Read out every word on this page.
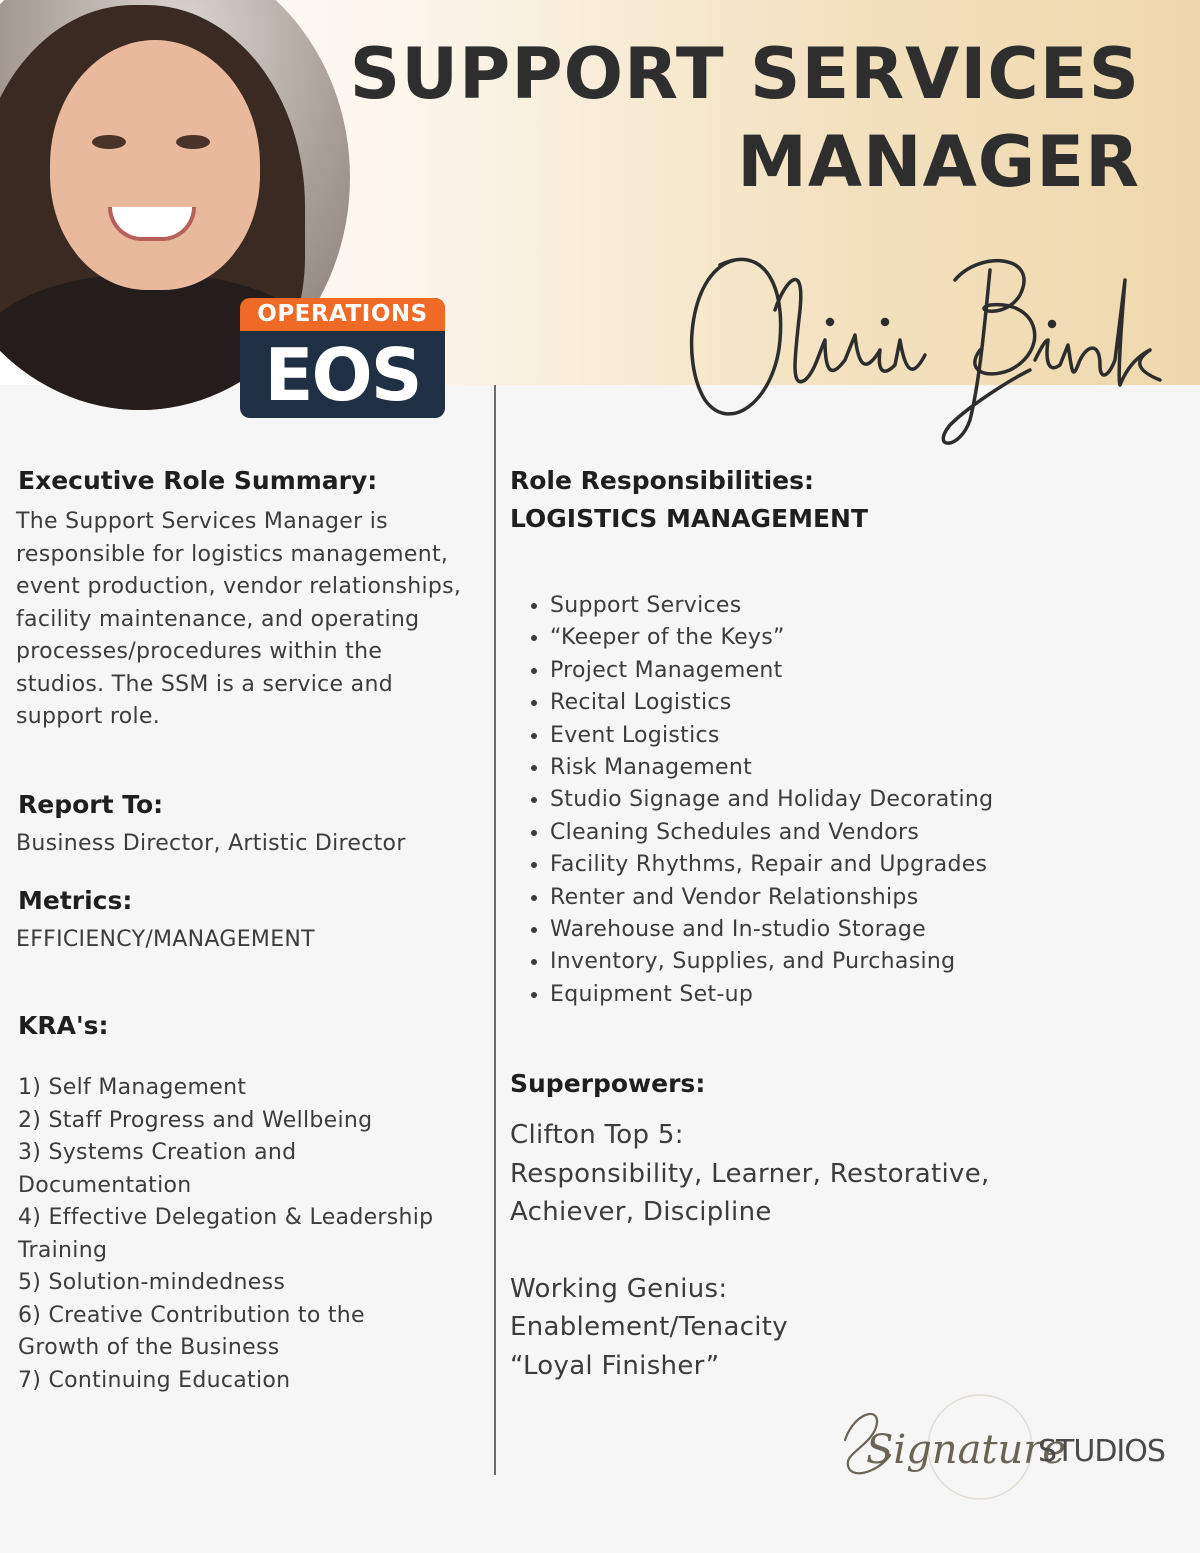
OPERATIONS
EOS
SUPPORT SERVICES
MANAGER
Executive Role Summary:
The Support Services Manager is
responsible for logistics management,
event production, vendor relationships,
facility maintenance, and operating
processes/procedures within the
studios. The SSM is a service and
support role.
Report To:
Business Director, Artistic Director
Metrics:
EFFICIENCY/MANAGEMENT
KRA's:
1) Self Management
2) Staff Progress and Wellbeing
3) Systems Creation and
Documentation
4) Effective Delegation & Leadership
Training
5) Solution-mindedness
6) Creative Contribution to the
Growth of the Business
7) Continuing Education
Role Responsibilities:
LOGISTICS MANAGEMENT
• Support Services
• “Keeper of the Keys”
• Project Management
• Recital Logistics
• Event Logistics
• Risk Management
• Studio Signage and Holiday Decorating
• Cleaning Schedules and Vendors
• Facility Rhythms, Repair and Upgrades
• Renter and Vendor Relationships
• Warehouse and In-studio Storage
• Inventory, Supplies, and Purchasing
• Equipment Set-up
Superpowers:
Clifton Top 5:
Responsibility, Learner, Restorative,
Achiever, Discipline
Working Genius:
Enablement/Tenacity
“Loyal Finisher”
Signature
STUDIOS
